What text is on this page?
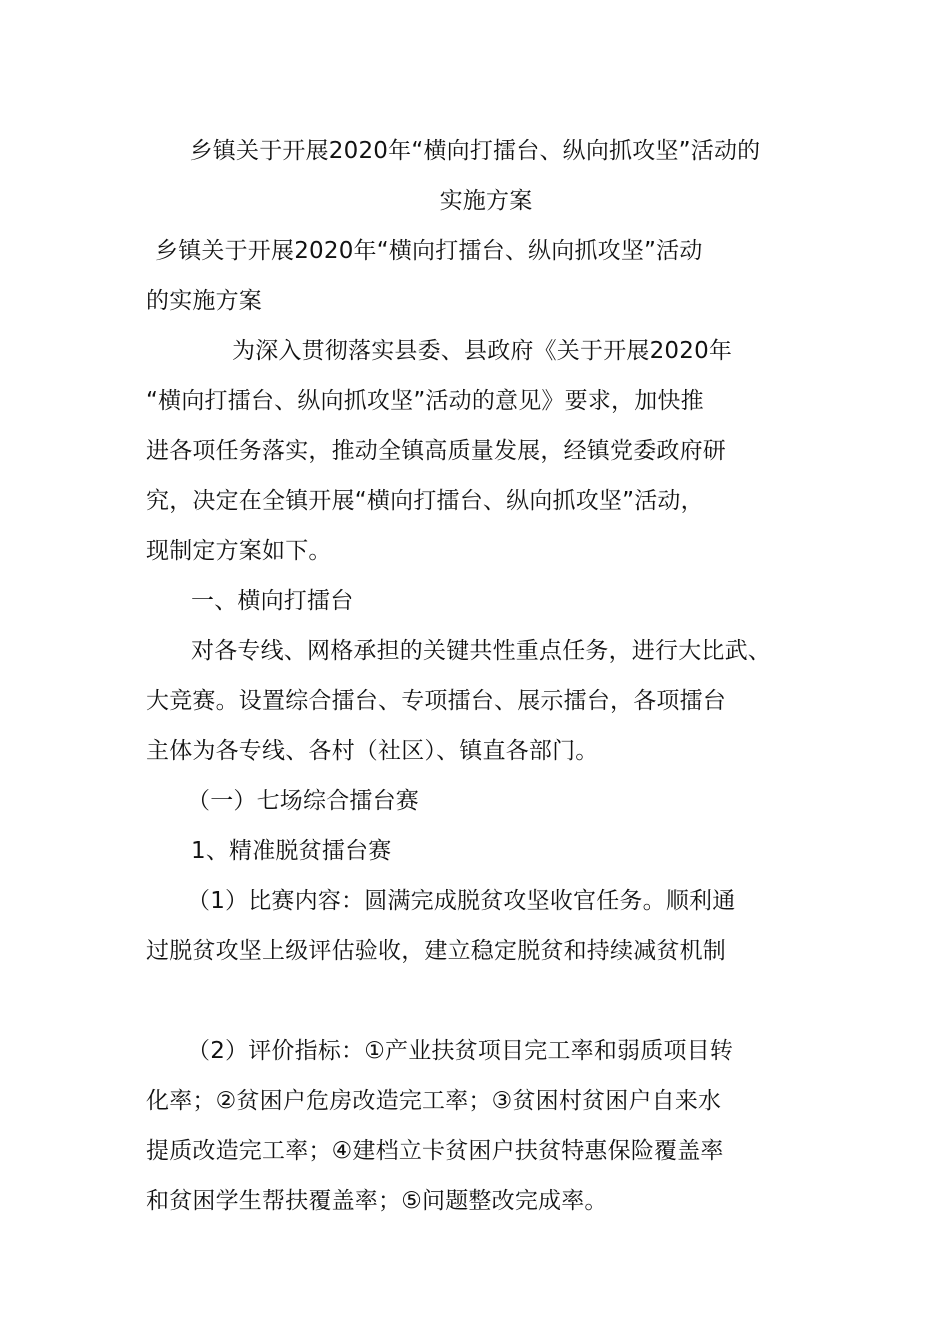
乡镇关于开展2020年“横向打擂台、纵向抓攻坚”活动的
实施方案
乡镇关于开展2020年“横向打擂台、纵向抓攻坚”活动
的实施方案
为深入贯彻落实县委、县政府《关于开展2020年
“横向打擂台、纵向抓攻坚”活动的意见》要求，加快推
进各项任务落实，推动全镇高质量发展，经镇党委政府研
究，决定在全镇开展“横向打擂台、纵向抓攻坚”活动，
现制定方案如下。
一、横向打擂台
对各专线、网格承担的关键共性重点任务，进行大比武、
大竞赛。设置综合擂台、专项擂台、展示擂台，各项擂台
主体为各专线、各村（社区）、镇直各部门。
（一）七场综合擂台赛
1、精准脱贫擂台赛
（1）比赛内容：圆满完成脱贫攻坚收官任务。顺利通
过脱贫攻坚上级评估验收，建立稳定脱贫和持续减贫机制
（2）评价指标：①产业扶贫项目完工率和弱质项目转
化率；②贫困户危房改造完工率；③贫困村贫困户自来水
提质改造完工率；④建档立卡贫困户扶贫特惠保险覆盖率
和贫困学生帮扶覆盖率；⑤问题整改完成率。
